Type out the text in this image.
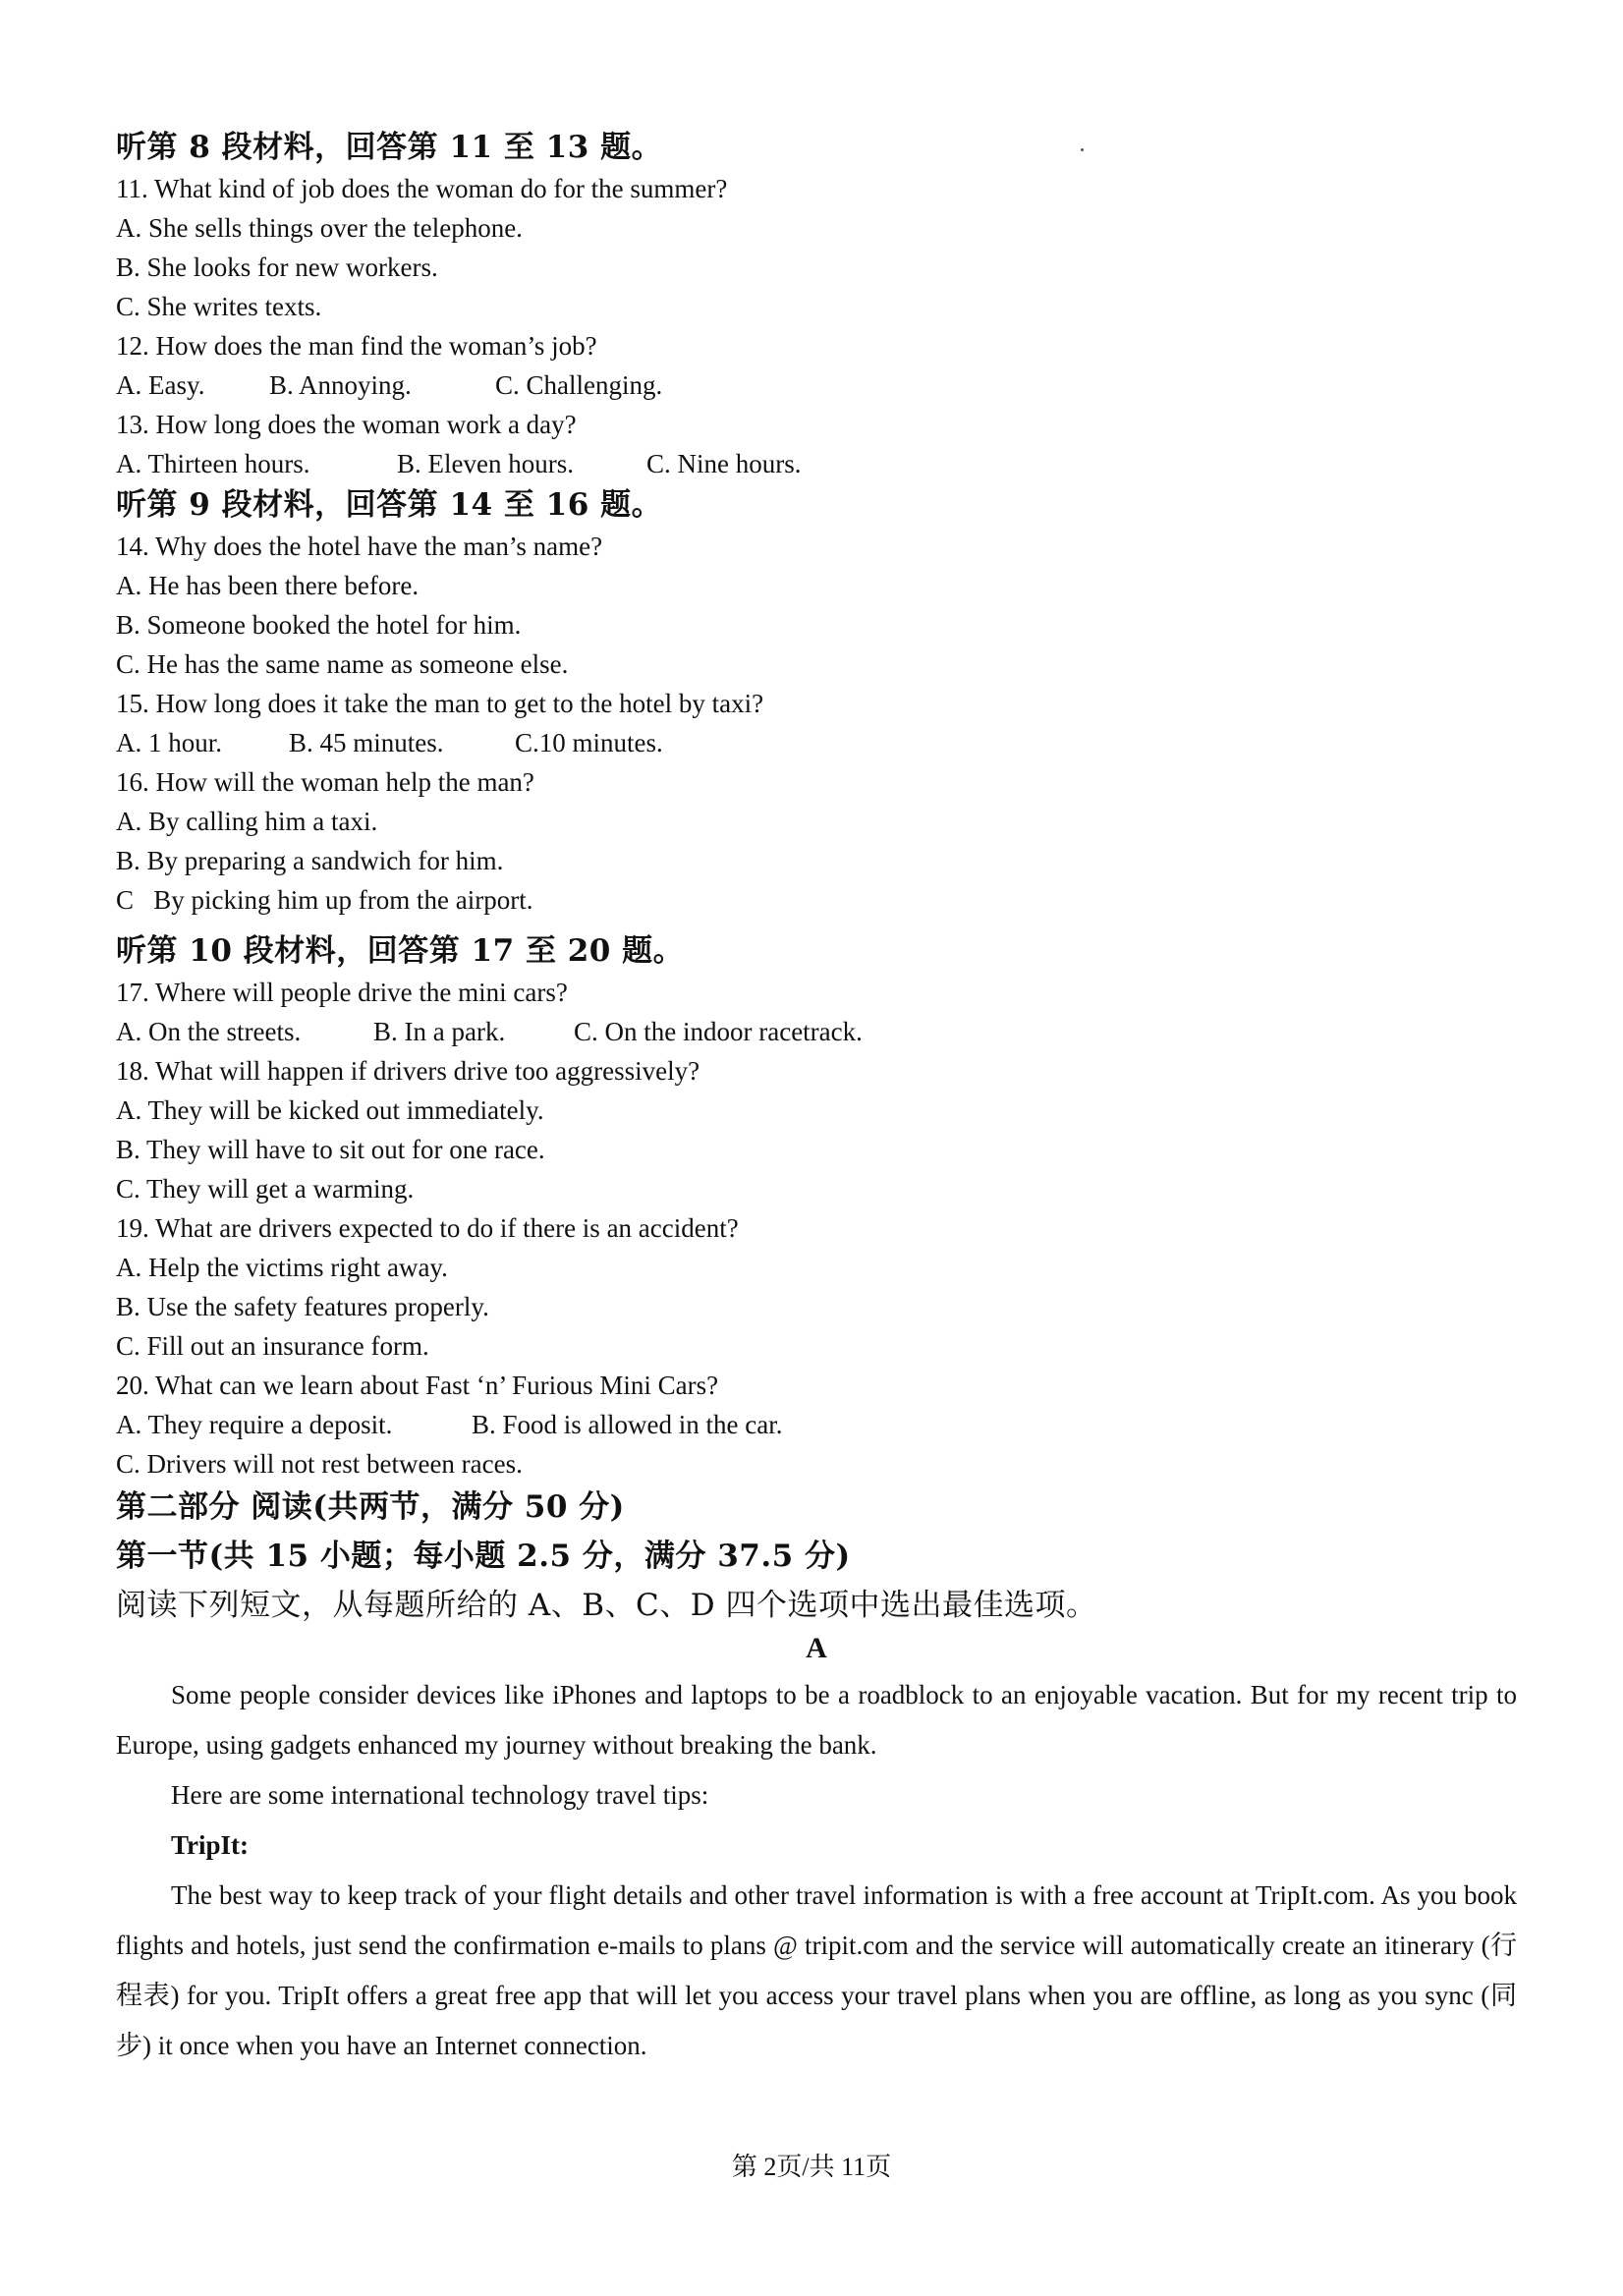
听第 8 段材料，回答第 11 至 13 题。
11. What kind of job does the woman do for the summer?
A. She sells things over the telephone.
B. She looks for new workers.
C. She writes texts.
12. How does the man find the woman’s job?
A. Easy.	B. Annoying.	C. Challenging.
13. How long does the woman work a day?
A. Thirteen hours.	B. Eleven hours.	C. Nine hours.
听第 9 段材料，回答第 14 至 16 题。
14. Why does the hotel have the man’s name?
A. He has been there before.
B. Someone booked the hotel for him.
C. He has the same name as someone else.
15. How long does it take the man to get to the hotel by taxi?
A. 1 hour.	B. 45 minutes.	C.10 minutes.
16. How will the woman help the man?
A. By calling him a taxi.
B. By preparing a sandwich for him.
C   By picking him up from the airport.
听第 10 段材料，回答第 17 至 20 题。
17. Where will people drive the mini cars?
A. On the streets.	B. In a park.	C. On the indoor racetrack.
18. What will happen if drivers drive too aggressively?
A. They will be kicked out immediately.
B. They will have to sit out for one race.
C. They will get a warming.
19. What are drivers expected to do if there is an accident?
A. Help the victims right away.
B. Use the safety features properly.
C. Fill out an insurance form.
20. What can we learn about Fast ‘n’ Furious Mini Cars?
A. They require a deposit.	B. Food is allowed in the car.
C. Drivers will not rest between races.
第二部分 阅读(共两节，满分 50 分)
第一节(共 15 小题；每小题 2.5 分，满分 37.5 分)
阅读下列短文，从每题所给的 A、B、C、D 四个选项中选出最佳选项。
A
Some people consider devices like iPhones and laptops to be a roadblock to an enjoyable vacation. But for my recent trip to Europe, using gadgets enhanced my journey without breaking the bank.
Here are some international technology travel tips:
TripIt:
The best way to keep track of your flight details and other travel information is with a free account at TripIt.com. As you book flights and hotels, just send the confirmation e-mails to plans @ tripit.com and the service will automatically create an itinerary (行程表) for you. TripIt offers a great free app that will let you access your travel plans when you are offline, as long as you sync (同步) it once when you have an Internet connection.
第 2页/共 11页
